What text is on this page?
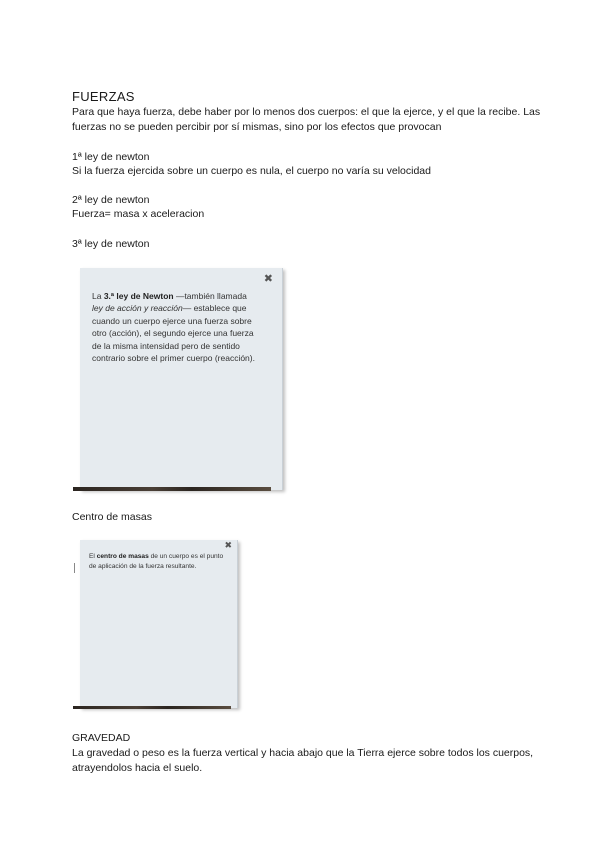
FUERZAS
Para que haya fuerza, debe haber por lo menos dos cuerpos: el que la ejerce, y el que la recibe. Las fuerzas no se pueden percibir por sí mismas, sino por los efectos que provocan
1ª ley de newton
Si la fuerza ejercida sobre un cuerpo es nula, el cuerpo no varía su velocidad
2ª ley de newton
Fuerza= masa x aceleracion
3ª ley de newton
✖
La 3.ª ley de Newton —también llamada ley de acción y reacción— establece que cuando un cuerpo ejerce una fuerza sobre otro (acción), el segundo ejerce una fuerza de la misma intensidad pero de sentido contrario sobre el primer cuerpo (reacción).
Centro de masas
✖
El centro de masas de un cuerpo es el punto de aplicación de la fuerza resultante.
GRAVEDAD
La gravedad o peso es la fuerza vertical y hacia abajo que la Tierra ejerce sobre todos los cuerpos, atrayendolos hacia el suelo.
